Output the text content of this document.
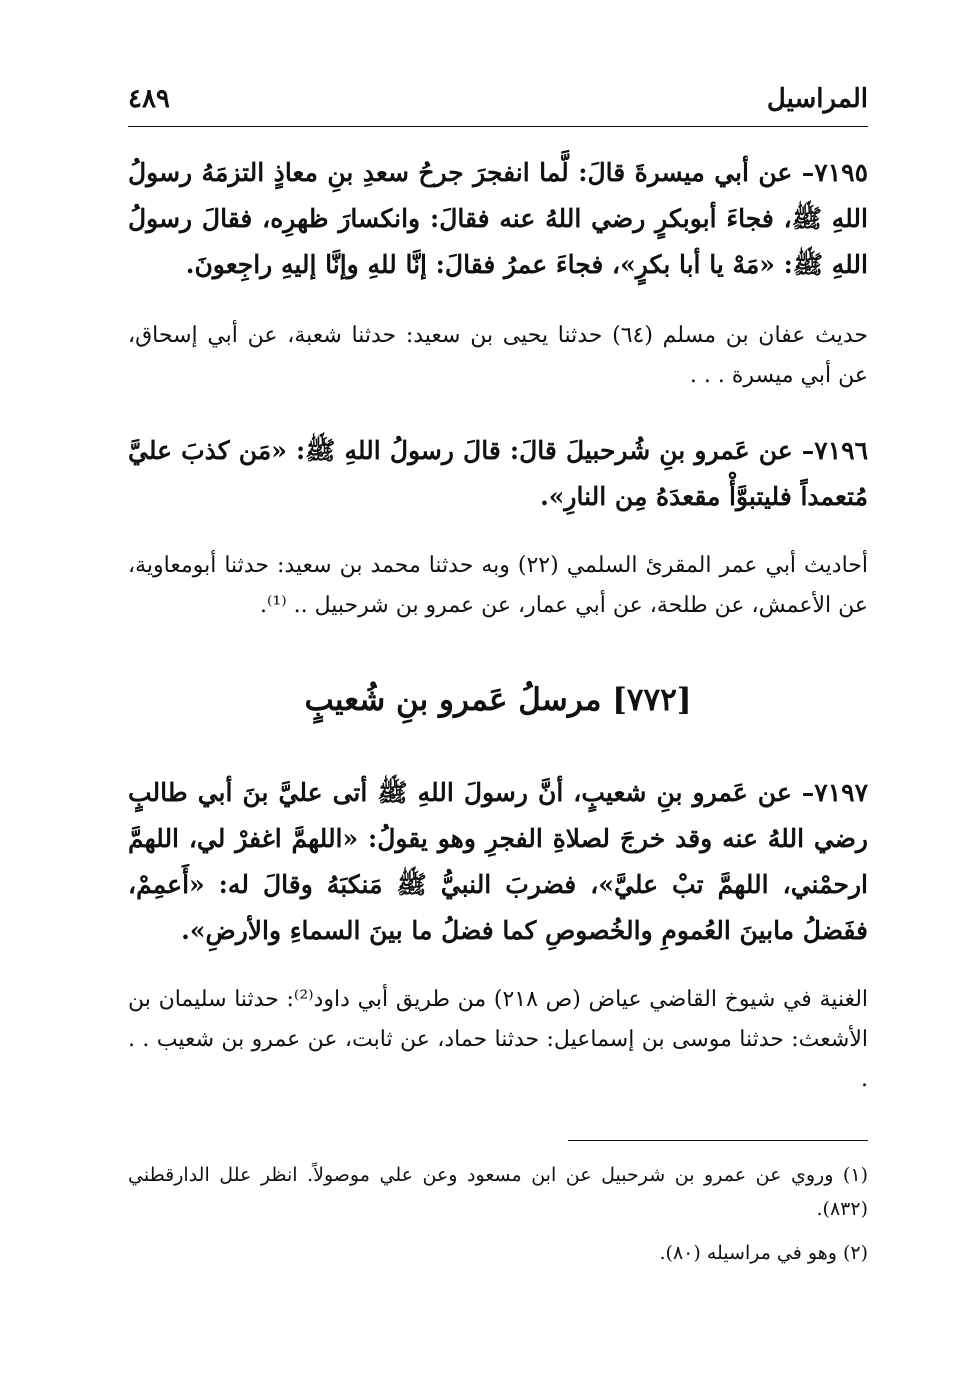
المراسيل
٤٨٩
٧١٩٥– عن أبي ميسرةَ قالَ: لَّما انفجرَ جرحُ سعدِ بنِ معاذٍ التزمَهُ رسولُ اللهِ ﷺ، فجاءَ أبوبكرٍ رضي اللهُ عنه فقالَ: وانكسارَ ظهرِه، فقالَ رسولُ اللهِ ﷺ: «مَهْ يا أبا بكرٍ»، فجاءَ عمرُ فقالَ: إنَّا للهِ وإنَّا إليهِ راجِعونَ.
حديث عفان بن مسلم (٦٤) حدثنا يحيى بن سعيد: حدثنا شعبة، عن أبي إسحاق، عن أبي ميسرة . . .
٧١٩٦– عن عَمرو بنِ شُرحبيلَ قالَ: قالَ رسولُ اللهِ ﷺ: «مَن كذبَ عليَّ مُتعمداً فليتبوَّأْ مقعدَهُ مِن النارِ».
أحاديث أبي عمر المقرئ السلمي (٢٢) وبه حدثنا محمد بن سعيد: حدثنا أبومعاوية، عن الأعمش، عن طلحة، عن أبي عمار، عن عمرو بن شرحبيل .. ⁽¹⁾.
[٧٧٢] مرسلُ عَمرو بنِ شُعيبٍ
٧١٩٧– عن عَمرو بنِ شعيبٍ، أنَّ رسولَ اللهِ ﷺ أتى عليَّ بنَ أبي طالبٍ رضي اللهُ عنه وقد خرجَ لصلاةِ الفجرِ وهو يقولُ: «اللهمَّ اغفرْ لي، اللهمَّ ارحمْني، اللهمَّ تبْ عليَّ»، فضربَ النبيُّ ﷺ مَنكبَهُ وقالَ له: «أَعمِمْ، ففَضلُ مابينَ العُمومِ والخُصوصِ كما فضلُ ما بينَ السماءِ والأرضِ».
الغنية في شيوخ القاضي عياض (ص ٢١٨) من طريق أبي داود⁽²⁾: حدثنا سليمان بن الأشعث: حدثنا موسى بن إسماعيل: حدثنا حماد، عن ثابت، عن عمرو بن شعيب . . .
(١) وروي عن عمرو بن شرحبيل عن ابن مسعود وعن علي موصولاً. انظر علل الدارقطني (٨٣٢).
(٢) وهو في مراسيله (٨٠).
